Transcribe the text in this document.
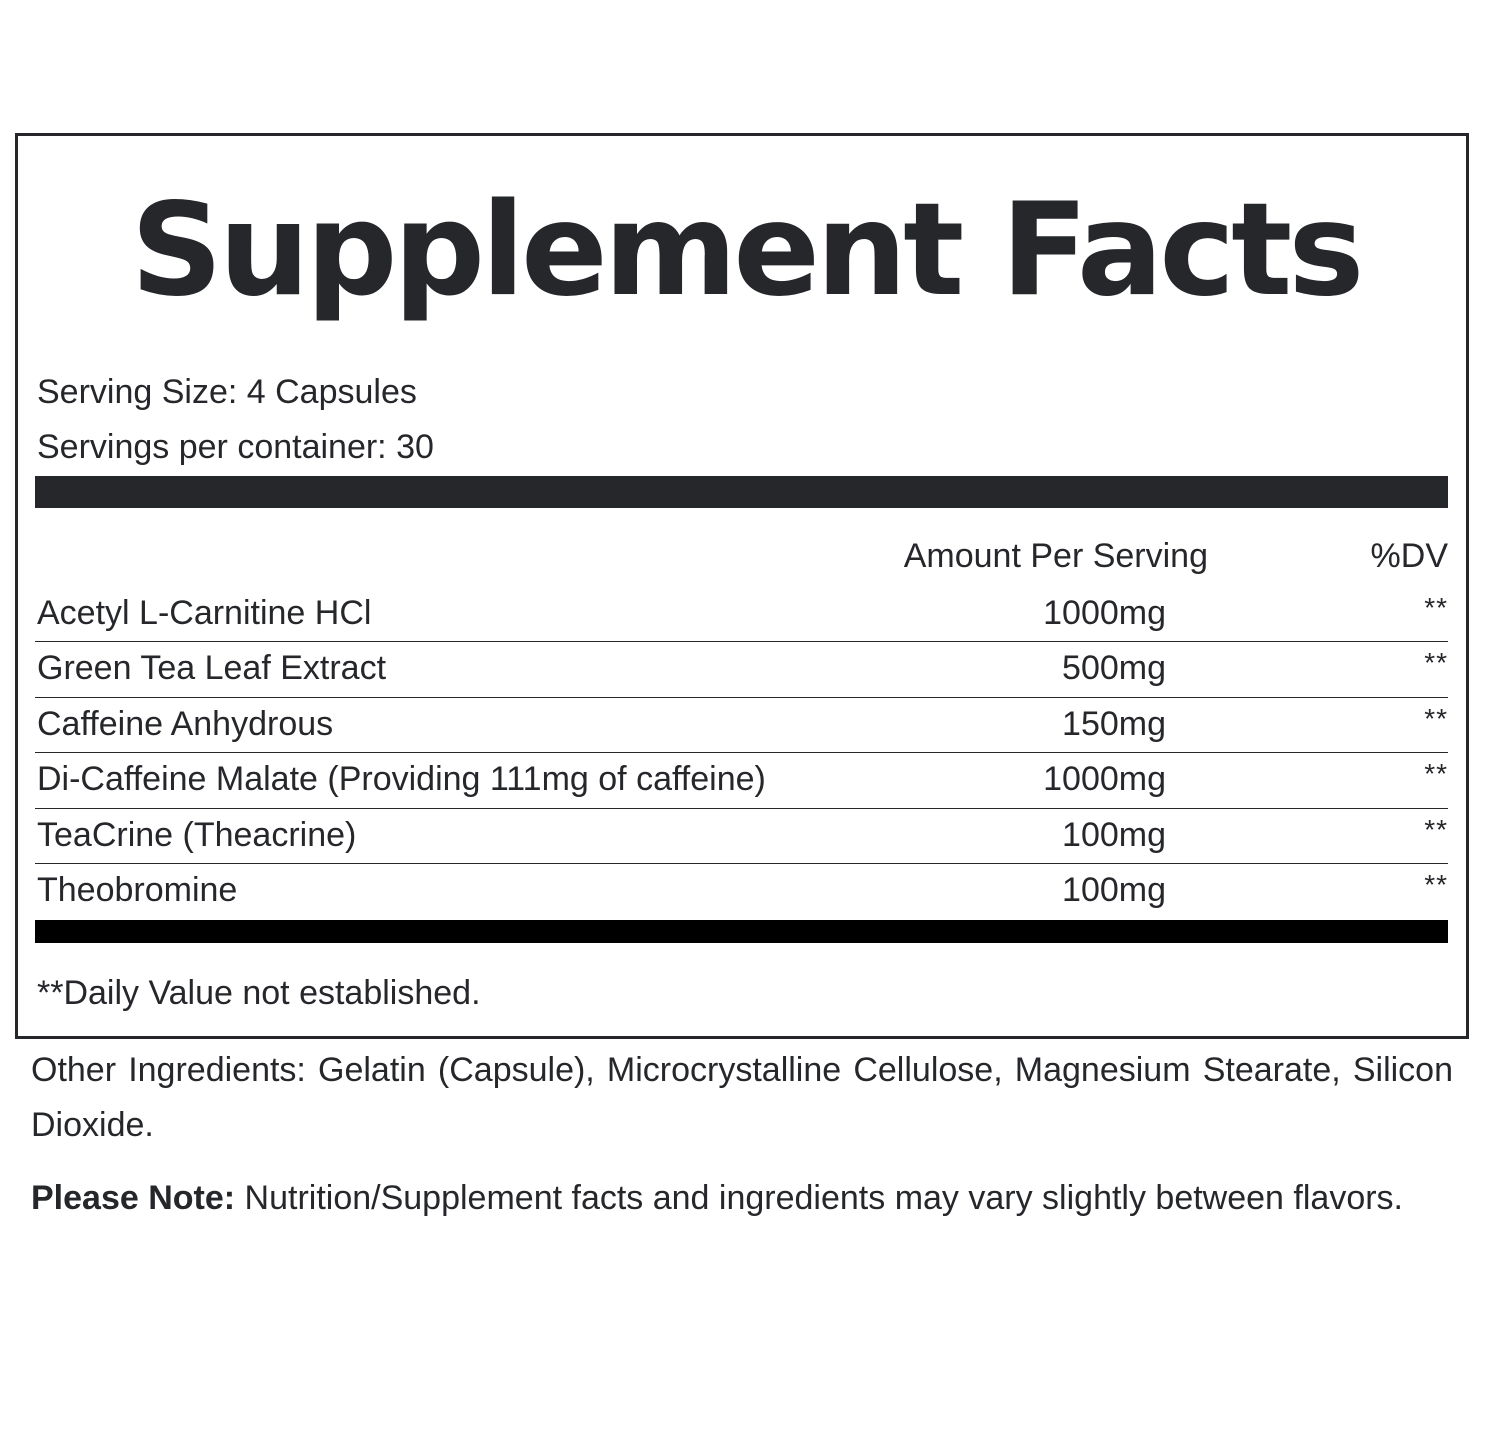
Supplement Facts
Serving Size: 4 Capsules
Servings per container: 30
Amount Per Serving	%DV
Acetyl L-Carnitine HCl	1000mg	**
Green Tea Leaf Extract	500mg	**
Caffeine Anhydrous	150mg	**
Di-Caffeine Malate (Providing 111mg of caffeine)	1000mg	**
TeaCrine (Theacrine)	100mg	**
Theobromine	100mg	**
**Daily Value not established.
Other Ingredients: Gelatin (Capsule), Microcrystalline Cellulose, Magnesium Stearate, Silicon Dioxide.
Please Note: Nutrition/Supplement facts and ingredients may vary slightly between flavors.
